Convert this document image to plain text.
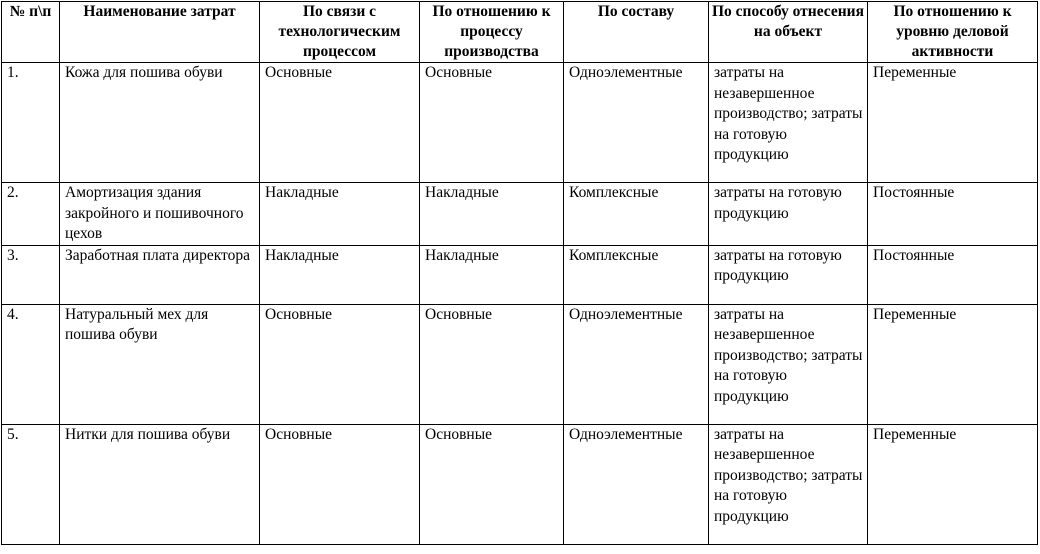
№ п\п	Наименование затрат	По связи с технологическим процессом	По отношению к процессу производства	По составу	По способу отнесения на объект	По отношению к уровню деловой активности
1.	Кожа для пошива обуви	Основные	Основные	Одноэлементные	затраты на незавершенное производство; затраты на готовую продукцию	Переменные
2.	Амортизация здания закройного и пошивочного цехов	Накладные	Накладные	Комплексные	затраты на готовую продукцию	Постоянные
3.	Заработная плата директора	Накладные	Накладные	Комплексные	затраты на готовую продукцию	Постоянные
4.	Натуральный мех для пошива обуви	Основные	Основные	Одноэлементные	затраты на незавершенное производство; затраты на готовую продукцию	Переменные
5.	Нитки для пошива обуви	Основные	Основные	Одноэлементные	затраты на незавершенное производство; затраты на готовую продукцию	Переменные
